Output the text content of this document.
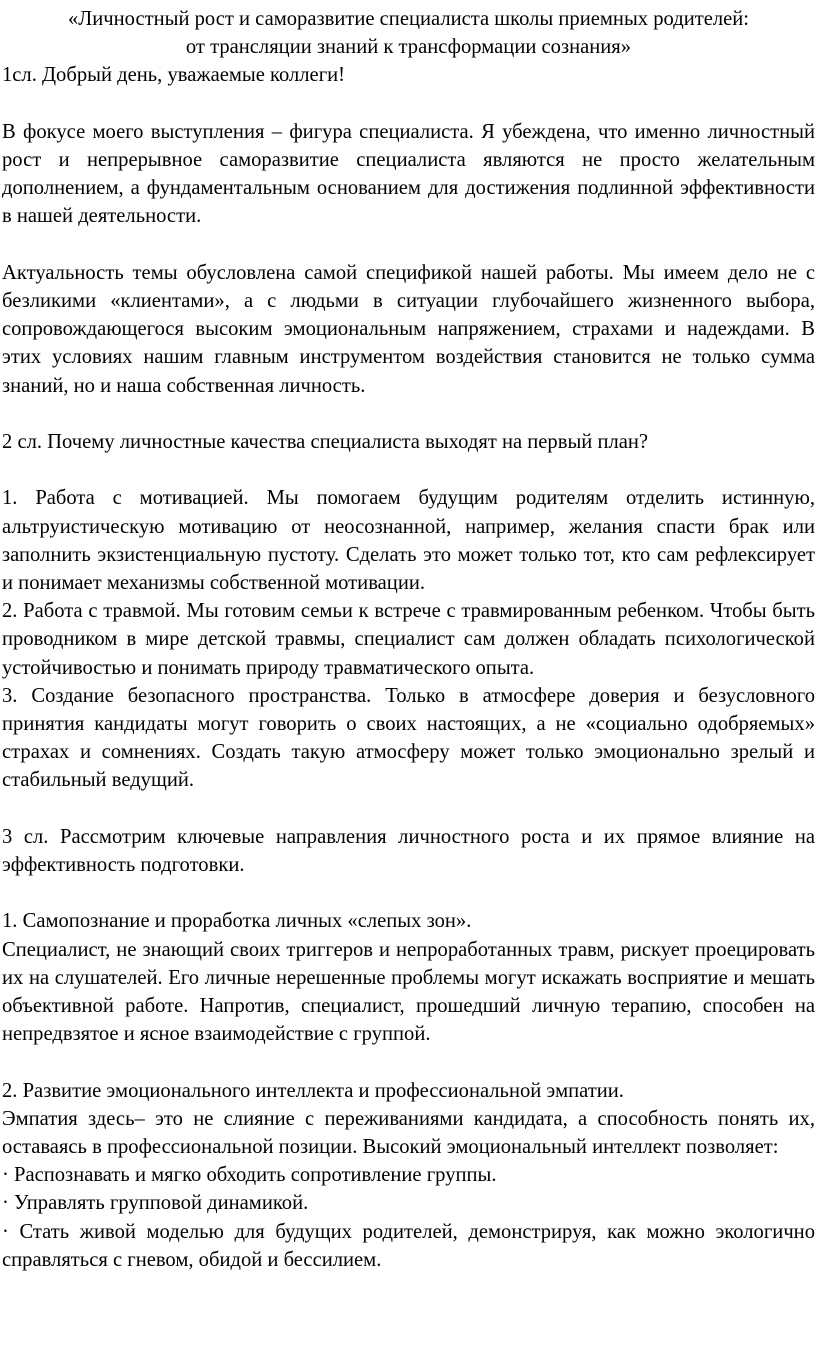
«Личностный рост и саморазвитие специалиста школы приемных родителей:
от трансляции знаний к трансформации сознания»

1сл. Добрый день, уважаемые коллеги!

В фокусе моего выступления – фигура специалиста. Я убеждена, что именно личностный рост и непрерывное саморазвитие специалиста являются не просто желательным дополнением, а фундаментальным основанием для достижения подлинной эффективности в нашей деятельности.

Актуальность темы обусловлена самой спецификой нашей работы. Мы имеем дело не с безликими «клиентами», а с людьми в ситуации глубочайшего жизненного выбора, сопровождающегося высоким эмоциональным напряжением, страхами и надеждами. В этих условиях нашим главным инструментом воздействия становится не только сумма знаний, но и наша собственная личность.

2 сл. Почему личностные качества специалиста выходят на первый план?

1. Работа с мотивацией. Мы помогаем будущим родителям отделить истинную, альтруистическую мотивацию от неосознанной, например, желания спасти брак или заполнить экзистенциальную пустоту. Сделать это может только тот, кто сам рефлексирует и понимает механизмы собственной мотивации.

2. Работа с травмой. Мы готовим семьи к встрече с травмированным ребенком. Чтобы быть проводником в мире детской травмы, специалист сам должен обладать психологической устойчивостью и понимать природу травматического опыта.

3. Создание безопасного пространства. Только в атмосфере доверия и безусловного принятия кандидаты могут говорить о своих настоящих, а не «социально одобряемых» страхах и сомнениях. Создать такую атмосферу может только эмоционально зрелый и стабильный ведущий.

3 сл. Рассмотрим ключевые направления личностного роста и их прямое влияние на эффективность подготовки.

1. Самопознание и проработка личных «слепых зон».

Специалист, не знающий своих триггеров и непроработанных травм, рискует проецировать их на слушателей. Его личные нерешенные проблемы могут искажать восприятие и мешать объективной работе. Напротив, специалист, прошедший личную терапию, способен на непредвзятое и ясное взаимодействие с группой.

2. Развитие эмоционального интеллекта и профессиональной эмпатии.

Эмпатия здесь– это не слияние с переживаниями кандидата, а способность понять их, оставаясь в профессиональной позиции. Высокий эмоциональный интеллект позволяет:

· Распознавать и мягко обходить сопротивление группы.

· Управлять групповой динамикой.

· Стать живой моделью для будущих родителей, демонстрируя, как можно экологично справляться с гневом, обидой и бессилием.
